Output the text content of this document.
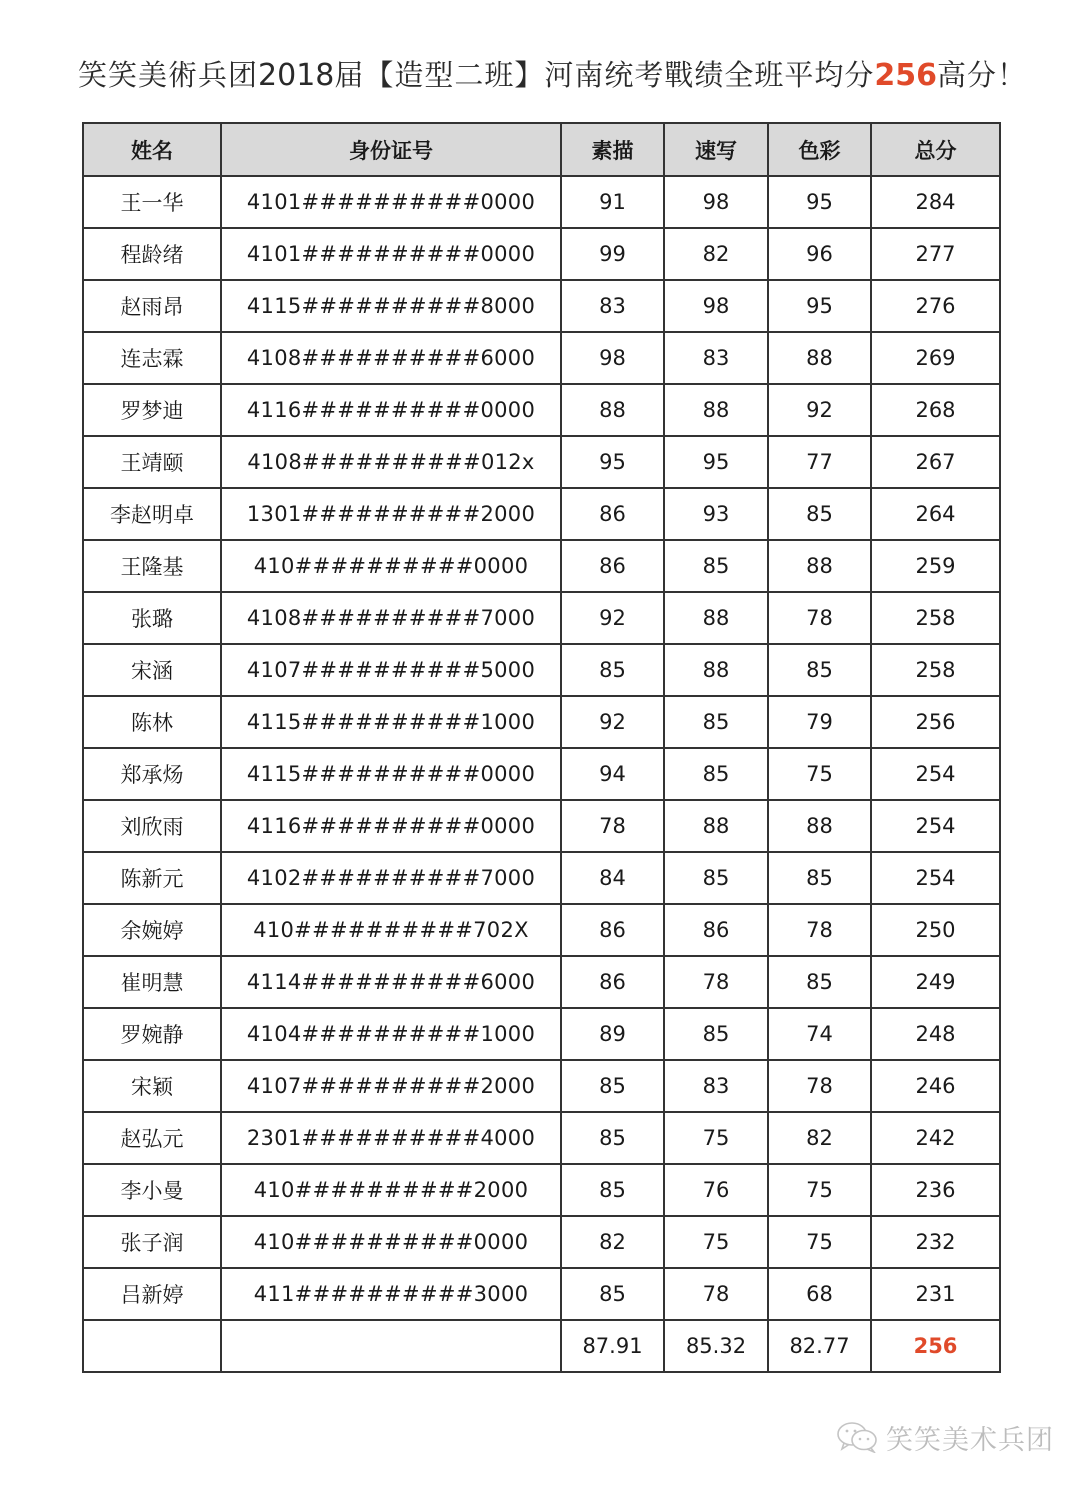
笑笑美術兵团2018届【造型二班】河南统考戰绩全班平均分256高分！
姓名	身份证号	素描	速写	色彩	总分
王一华	4101##########0000	91	98	95	284
程龄绪	4101##########0000	99	82	96	277
赵雨昂	4115##########8000	83	98	95	276
连志霖	4108##########6000	98	83	88	269
罗梦迪	4116##########0000	88	88	92	268
王靖颐	4108##########012x	95	95	77	267
李赵明卓	1301##########2000	86	93	85	264
王隆基	410##########0000	86	85	88	259
张璐	4108##########7000	92	88	78	258
宋涵	4107##########5000	85	88	85	258
陈林	4115##########1000	92	85	79	256
郑承炀	4115##########0000	94	85	75	254
刘欣雨	4116##########0000	78	88	88	254
陈新元	4102##########7000	84	85	85	254
余婉婷	410##########702X	86	86	78	250
崔明慧	4114##########6000	86	78	85	249
罗婉静	4104##########1000	89	85	74	248
宋颖	4107##########2000	85	83	78	246
赵弘元	2301##########4000	85	75	82	242
李小曼	410##########2000	85	76	75	236
张子润	410##########0000	82	75	75	232
吕新婷	411##########3000	85	78	68	231
		87.91	85.32	82.77	256
笑笑美术兵团
